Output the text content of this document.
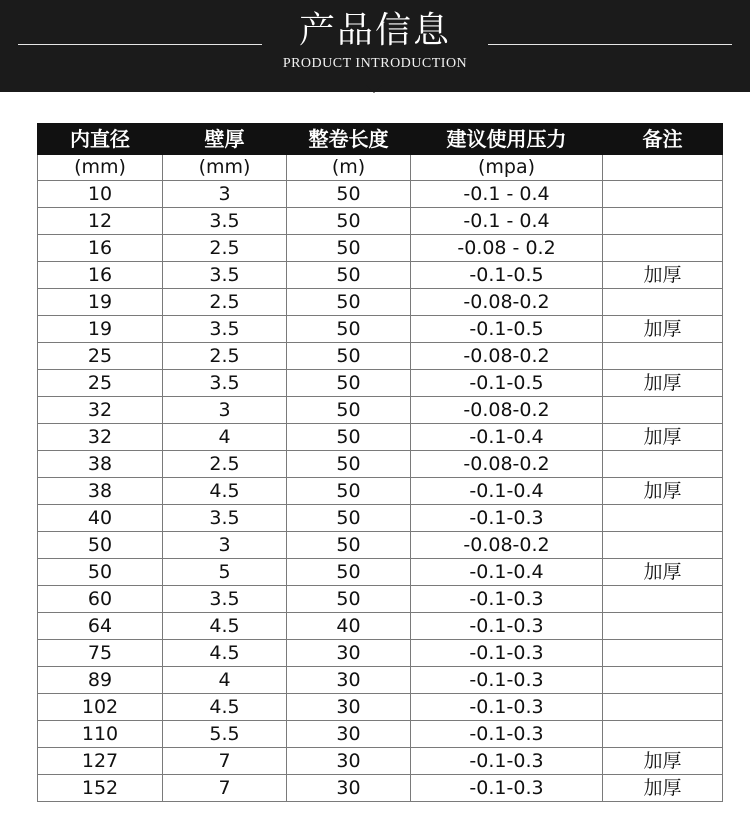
产品信息
PRODUCT INTRODUCTION
内直径	壁厚	整卷长度	建议使用压力	备注
(mm)	(mm)	(m)	(mpa)	
10	3	50	-0.1 - 0.4	
12	3.5	50	-0.1 - 0.4	
16	2.5	50	-0.08 - 0.2	
16	3.5	50	-0.1-0.5	加厚
19	2.5	50	-0.08-0.2	
19	3.5	50	-0.1-0.5	加厚
25	2.5	50	-0.08-0.2	
25	3.5	50	-0.1-0.5	加厚
32	3	50	-0.08-0.2	
32	4	50	-0.1-0.4	加厚
38	2.5	50	-0.08-0.2	
38	4.5	50	-0.1-0.4	加厚
40	3.5	50	-0.1-0.3	
50	3	50	-0.08-0.2	
50	5	50	-0.1-0.4	加厚
60	3.5	50	-0.1-0.3	
64	4.5	40	-0.1-0.3	
75	4.5	30	-0.1-0.3	
89	4	30	-0.1-0.3	
102	4.5	30	-0.1-0.3	
110	5.5	30	-0.1-0.3	
127	7	30	-0.1-0.3	加厚
152	7	30	-0.1-0.3	加厚
